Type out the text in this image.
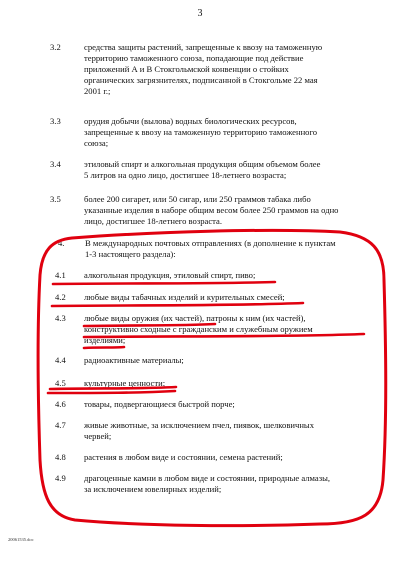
3
3.2	средства защиты растений, запрещенные к ввозу на таможенную
территорию таможенного союза, попадающие под действие
приложений А и В Стокгольмской конвенции о стойких
органических загрязнителях, подписанной в Стокгольме 22 мая
2001 г.;
3.3	орудия добычи (вылова) водных биологических ресурсов,
запрещенные к ввозу на таможенную территорию таможенного
союза;
3.4	этиловый спирт и алкогольная продукция общим объемом более
5 литров на одно лицо, достигшее 18-летнего возраста;
3.5	более 200 сигарет, или 50 сигар, или 250 граммов табака либо
указанные изделия в наборе общим весом более 250 граммов на одно
лицо, достигшее 18-летнего возраста.
4. В международных почтовых отправлениях (в дополнение к пунктам
1-3 настоящего раздела):
4.1 алкогольная продукция, этиловый спирт, пиво;
4.2 любые виды табачных изделий и курительных смесей;
4.3 любые виды оружия (их частей), патроны к ним (их частей),
конструктивно сходные с гражданским и служебным оружием
изделиями;
4.4 радиоактивные материалы;
4.5 культурные ценности;
4.6 товары, подвергающиеся быстрой порче;
4.7 живые животные, за исключением пчел, пиявок, шелковичных
червей;
4.8 растения в любом виде и состоянии, семена растений;
4.9 драгоценные камни в любом виде и состоянии, природные алмазы,
за исключением ювелирных изделий;
20061535.doc
